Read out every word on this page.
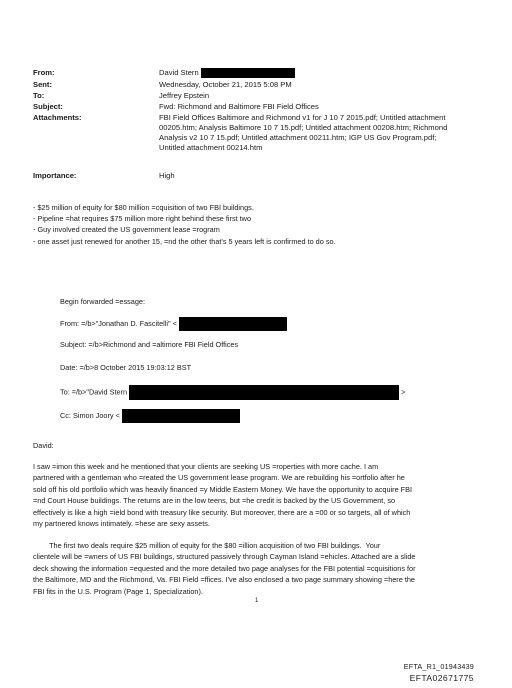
From:	David Stern
Sent:	Wednesday, October 21, 2015 5:08 PM
To:	Jeffrey Epstein
Subject:	Fwd: Richmond and Baltimore FBI Field Offices
Attachments:	FBI Field Offices Baltimore and Richmond v1 for J 10 7 2015.pdf; Untitled attachment
00205.htm; Analysis Baltimore 10 7 15.pdf; Untitled attachment 00208.htm; Richmond
Analysis v2 10 7 15.pdf; Untitled attachment 00211.htm; IGP US Gov Program.pdf;
Untitled attachment 00214.htm
Importance:	High
- $25 million of equity for $80 million =cquisition of two FBI buildings.
- Pipeline =hat requires $75 million more right behind these first two
- Guy involved created the US government lease =rogram
- one asset just renewed for another 15, =nd the other that's 5 years left is confirmed to do so.
Begin forwarded =essage:
From: =/b>"Jonathan D. Fascitelli" <
Subject: =/b>Richmond and =altimore FBI Field Offices
Date: =/b>8 October 2015 19:03:12 BST
To: =/b>"David Stern	>
Cc: Simon Joory <
David:
I saw =imon this week and he mentioned that your clients are seeking US =roperties with more cache. I am
partnered with a gentleman who =reated the US government lease program. We are rebuilding his =ortfolio after he
sold off his old portfolio which was heavily financed =y Middle Eastern Money. We have the opportunity to acquire FBI
=nd Court House buildings. The returns are in the low teens, but =he credit is backed by the US Government, so
effectively is like a high =ield bond with treasury like security. But moreover, there are a =00 or so targets, all of which
my partnered knows intimately. =hese are sexy assets.
The first two deals require $25 million of equity for the $80 =illion acquisition of two FBI buildings.  Your
clientele will be =wners of US FBI buildings, structured passively through Cayman Island =ehicles. Attached are a slide
deck showing the information =equested and the more detailed two page analyses for the FBI potential =cquisitions for
the Baltimore, MD and the Richmond, Va. FBI Field =ffices. I've also enclosed a two page summary showing =here the
FBI fits in the U.S. Program (Page 1, Specialization).
1
EFTA_R1_01943439
EFTA02671775
